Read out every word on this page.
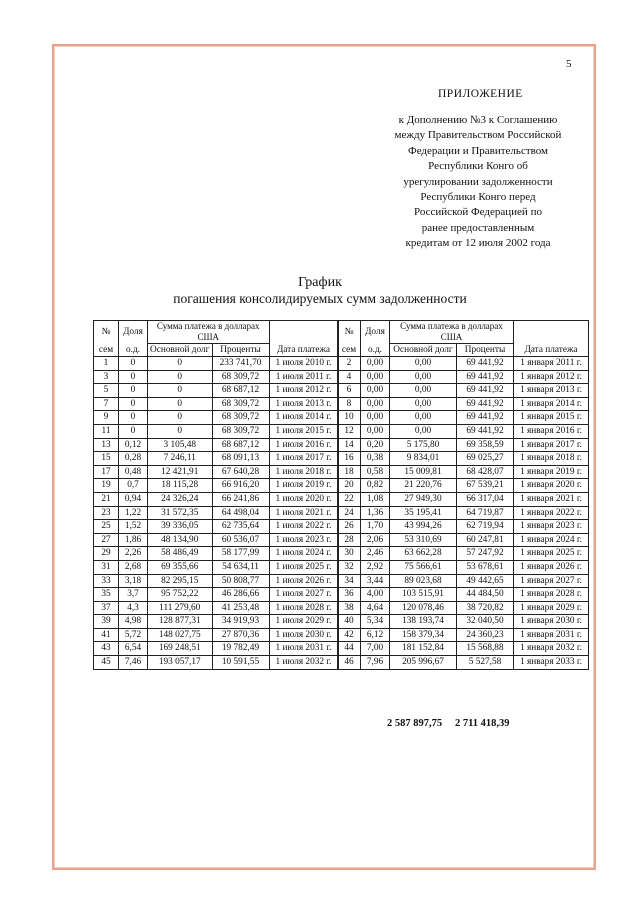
5
ПРИЛОЖЕНИЕ
к Дополнению №3 к Соглашению
между Правительством Российской
Федерации и Правительством
Республики Конго об
урегулировании задолженности
Республики Конго перед
Российской Федерацией по
ранее предоставленным
кредитам от 12 июля 2002 года
График
погашения консолидируемых сумм задолженности
№	Доля	Сумма платежа в долларах США		
сем	о.д.	Основной долг	Проценты	Дата платежа
1	0	0	233 741,70	1 июля 2010 г.
3	0	0	68 309,72	1 июля 2011 г.
5	0	0	68 687,12	1 июля 2012 г.
7	0	0	68 309,72	1 июля 2013 г.
9	0	0	68 309,72	1 июля 2014 г.
11	0	0	68 309,72	1 июля 2015 г.
13	0,12	3 105,48	68 687,12	1 июля 2016 г.
15	0,28	7 246,11	68 091,13	1 июля 2017 г.
17	0,48	12 421,91	67 640,28	1 июля 2018 г.
19	0,7	18 115,28	66 916,20	1 июля 2019 г.
21	0,94	24 326,24	66 241,86	1 июля 2020 г.
23	1,22	31 572,35	64 498,04	1 июля 2021 г.
25	1,52	39 336,05	62 735,64	1 июля 2022 г.
27	1,86	48 134,90	60 536,07	1 июля 2023 г.
29	2,26	58 486,49	58 177,99	1 июля 2024 г.
31	2,68	69 355,66	54 634,11	1 июля 2025 г.
33	3,18	82 295,15	50 808,77	1 июля 2026 г.
35	3,7	95 752,22	46 286,66	1 июля 2027 г.
37	4,3	111 279,60	41 253,48	1 июля 2028 г.
39	4,98	128 877,31	34 919,93	1 июля 2029 г.
41	5,72	148 027,75	27 870,36	1 июля 2030 г.
43	6,54	169 248,51	19 782,49	1 июля 2031 г.
45	7,46	193 057,17	10 591,55	1 июля 2032 г.
№	Доля	Сумма платежа в долларах США		
сем	о.д.	Основной долг	Проценты	Дата платежа
2	0,00	0,00	69 441,92	1 января 2011 г.
4	0,00	0,00	69 441,92	1 января 2012 г.
6	0,00	0,00	69 441,92	1 января 2013 г.
8	0,00	0,00	69 441,92	1 января 2014 г.
10	0,00	0,00	69 441,92	1 января 2015 г.
12	0,00	0,00	69 441,92	1 января 2016 г.
14	0,20	5 175,80	69 358,59	1 января 2017 г.
16	0,38	9 834,01	69 025,27	1 января 2018 г.
18	0,58	15 009,81	68 428,07	1 января 2019 г.
20	0,82	21 220,76	67 539,21	1 января 2020 г.
22	1,08	27 949,30	66 317,04	1 января 2021 г.
24	1,36	35 195,41	64 719,87	1 января 2022 г.
26	1,70	43 994,26	62 719,94	1 января 2023 г.
28	2,06	53 310,69	60 247,81	1 января 2024 г.
30	2,46	63 662,28	57 247,92	1 января 2025 г.
32	2,92	75 566,61	53 678,61	1 января 2026 г.
34	3,44	89 023,68	49 442,65	1 января 2027 г.
36	4,00	103 515,91	44 484,50	1 января 2028 г.
38	4,64	120 078,46	38 720,82	1 января 2029 г.
40	5,34	138 193,74	32 040,50	1 января 2030 г.
42	6,12	158 379,34	24 360,23	1 января 2031 г.
44	7,00	181 152,84	15 568,88	1 января 2032 г.
46	7,96	205 996,67	5 527,58	1 января 2033 г.
2 587 897,75 2 711 418,39
